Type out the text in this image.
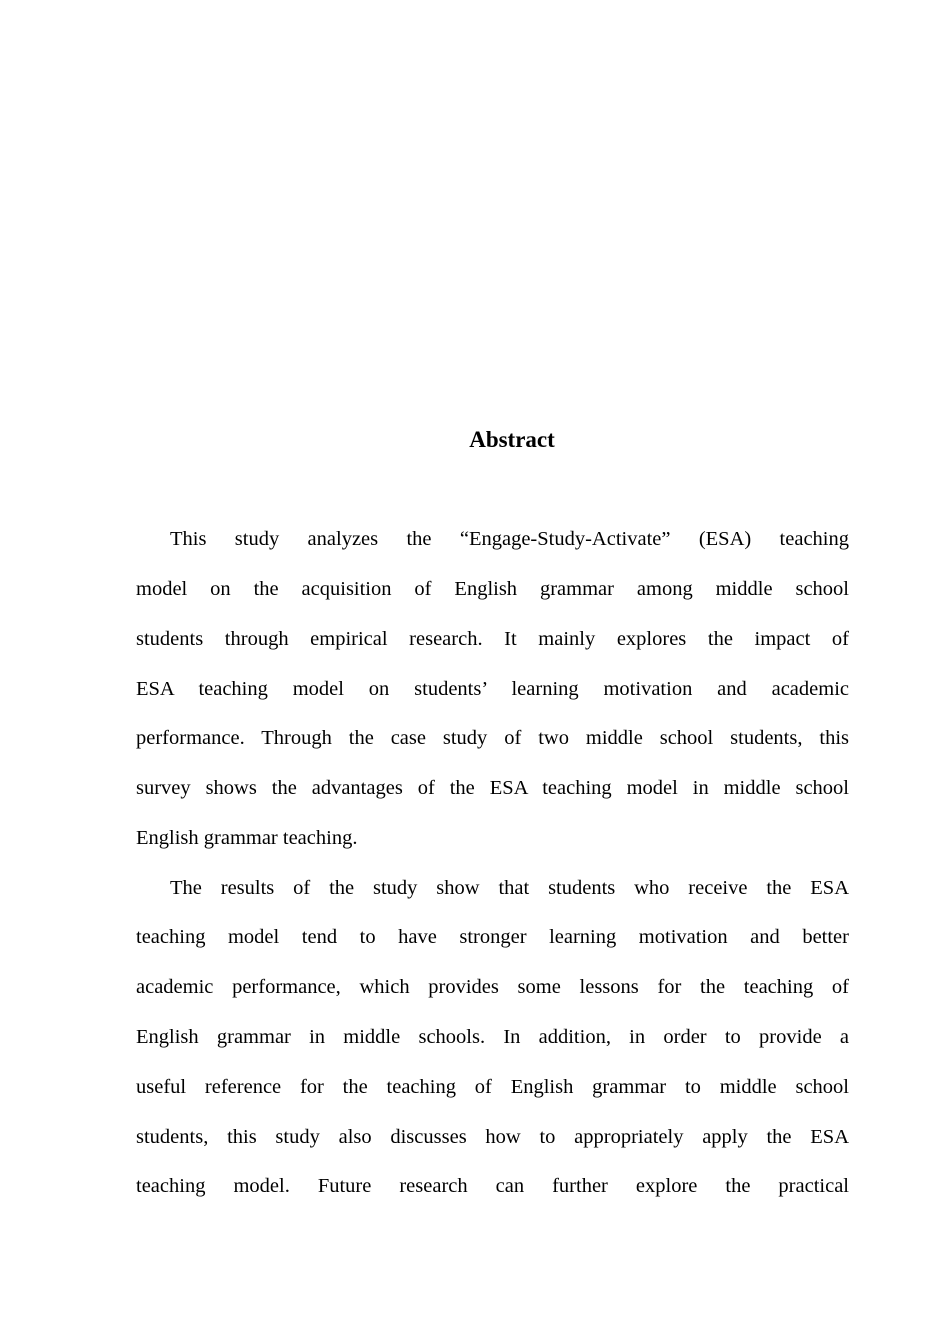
Abstract

This study analyzes the “Engage-Study-Activate” (ESA) teaching

model on the acquisition of English grammar among middle school

students through empirical research. It mainly explores the impact of

ESA teaching model on students’ learning motivation and academic

performance. Through the case study of two middle school students, this

survey shows the advantages of the ESA teaching model in middle school

English grammar teaching.

The results of the study show that students who receive the ESA

teaching model tend to have stronger learning motivation and better

academic performance, which provides some lessons for the teaching of

English grammar in middle schools. In addition, in order to provide a

useful reference for the teaching of English grammar to middle school

students, this study also discusses how to appropriately apply the ESA

teaching model. Future research can further explore the practical
